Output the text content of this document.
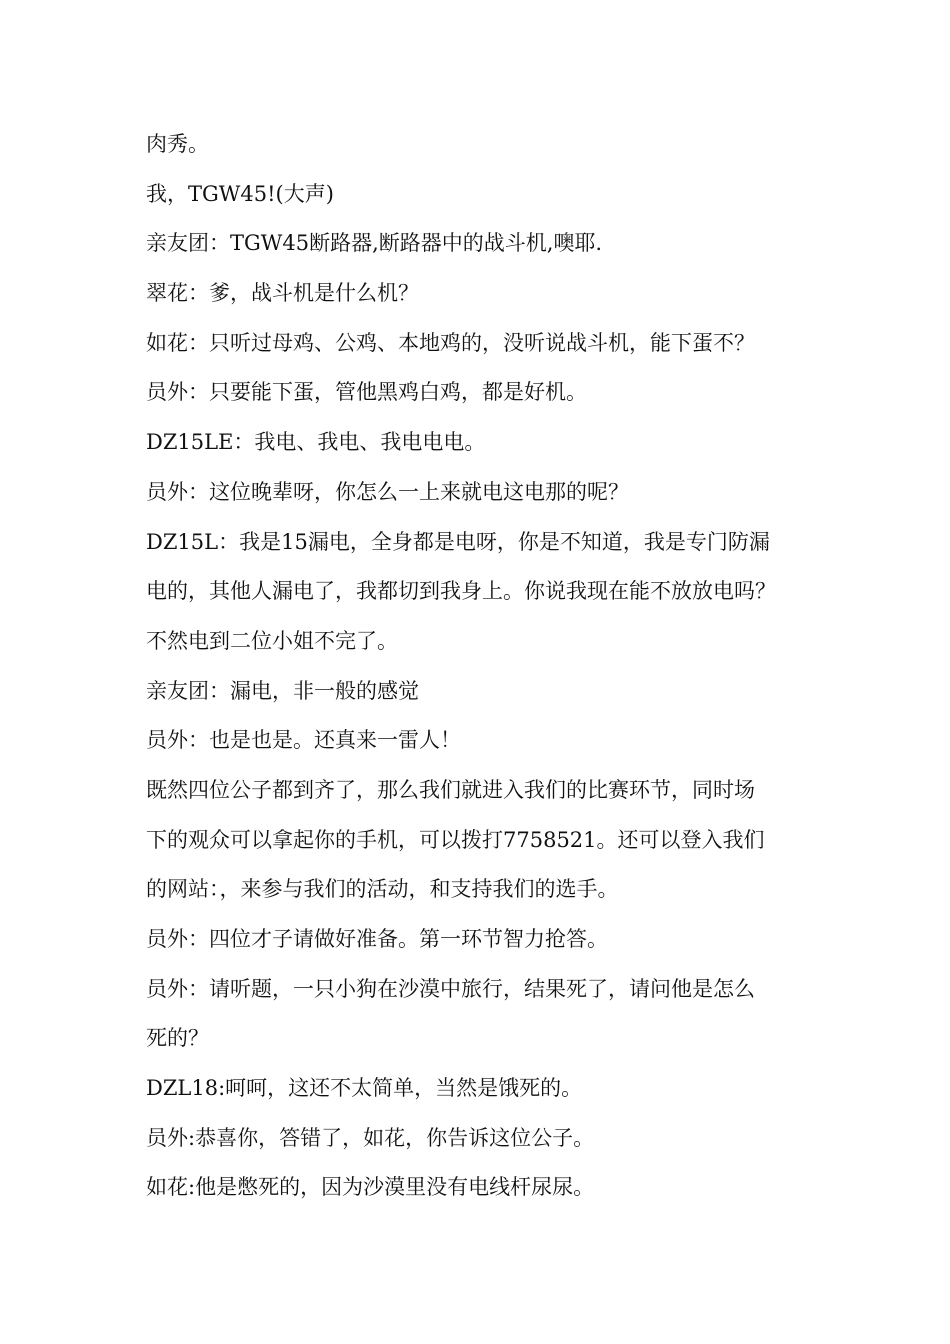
肉秀。
我，TGW45!(大声)
亲友团：TGW45断路器,断路器中的战斗机,噢耶.
翠花：爹，战斗机是什么机？
如花：只听过母鸡、公鸡、本地鸡的，没听说战斗机，能下蛋不？
员外：只要能下蛋，管他黑鸡白鸡，都是好机。
DZ15LE：我电、我电、我电电电。
员外：这位晚辈呀，你怎么一上来就电这电那的呢？
DZ15L：我是15漏电，全身都是电呀，你是不知道，我是专门防漏
电的，其他人漏电了，我都切到我身上。你说我现在能不放放电吗？
不然电到二位小姐不完了。
亲友团：漏电，非一般的感觉
员外：也是也是。还真来一雷人！
既然四位公子都到齐了，那么我们就进入我们的比赛环节，同时场
下的观众可以拿起你的手机，可以拨打7758521。还可以登入我们
的网站：，来参与我们的活动，和支持我们的选手。
员外：四位才子请做好准备。第一环节智力抢答。
员外：请听题，一只小狗在沙漠中旅行，结果死了，请问他是怎么
死的？
DZL18:呵呵，这还不太简单，当然是饿死的。
员外:恭喜你，答错了，如花，你告诉这位公子。
如花:他是憋死的，因为沙漠里没有电线杆尿尿。
